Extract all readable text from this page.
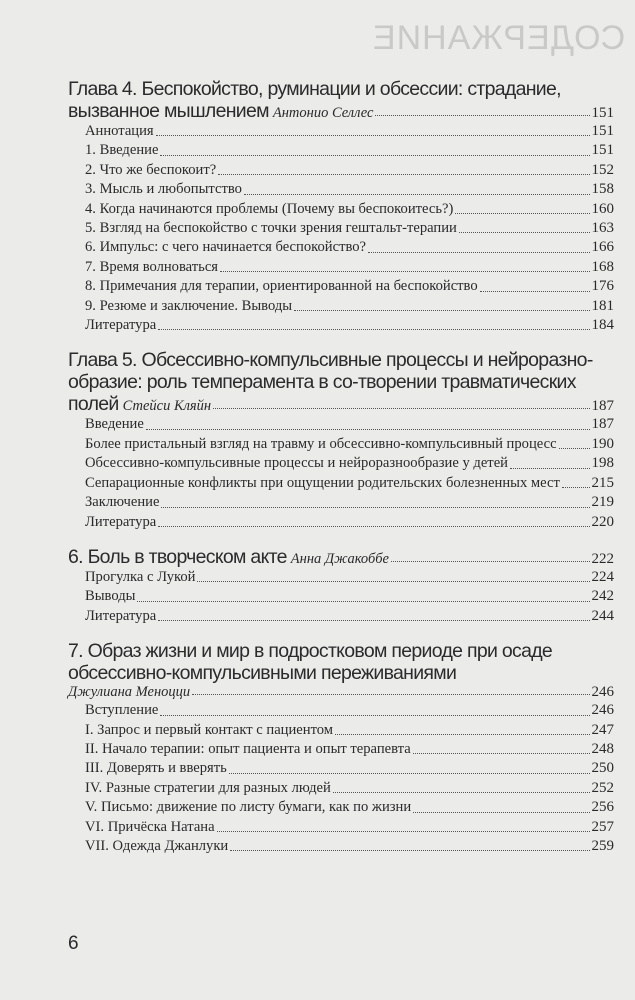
СОДЕРЖАНИЕ
Глава 4. Беспокойство, руминации и обсессии: страдание,
вызванное мышлением Антонио Селлес	151
Аннотация	151
1. Введение	151
2. Что же беспокоит?	152
3. Мысль и любопытство	158
4. Когда начинаются проблемы (Почему вы беспокоитесь?)	160
5. Взгляд на беспокойство с точки зрения гештальт-терапии	163
6. Импульс: с чего начинается беспокойство?	166
7. Время волноваться	168
8. Примечания для терапии, ориентированной на беспокойство	176
9. Резюме и заключение. Выводы	181
Литература	184
Глава 5. Обсессивно-компульсивные процессы и нейроразно-
образие: роль темперамента в со-творении травматических
полей Стейси Кляйн	187
Введение	187
Более пристальный взгляд на травму и обсессивно-компульсивный процесс 190
Обсессивно-компульсивные процессы и нейроразнообразие у детей	198
Сепарационные конфликты при ощущении родительских болезненных мест 215
Заключение	219
Литература	220
6. Боль в творческом акте Анна Джакоббе	222
Прогулка с Лукой	224
Выводы	242
Литература	244
7. Образ жизни и мир в подростковом периоде при осаде
обсессивно-компульсивными переживаниями
Джулиана Меноцци	246
Вступление	246
I. Запрос и первый контакт с пациентом	247
II. Начало терапии: опыт пациента и опыт терапевта	248
III. Доверять и вверять	250
IV. Разные стратегии для разных людей	252
V. Письмо: движение по листу бумаги, как по жизни	256
VI. Причёска Натана	257
VII. Одежда Джанлуки	259
6
